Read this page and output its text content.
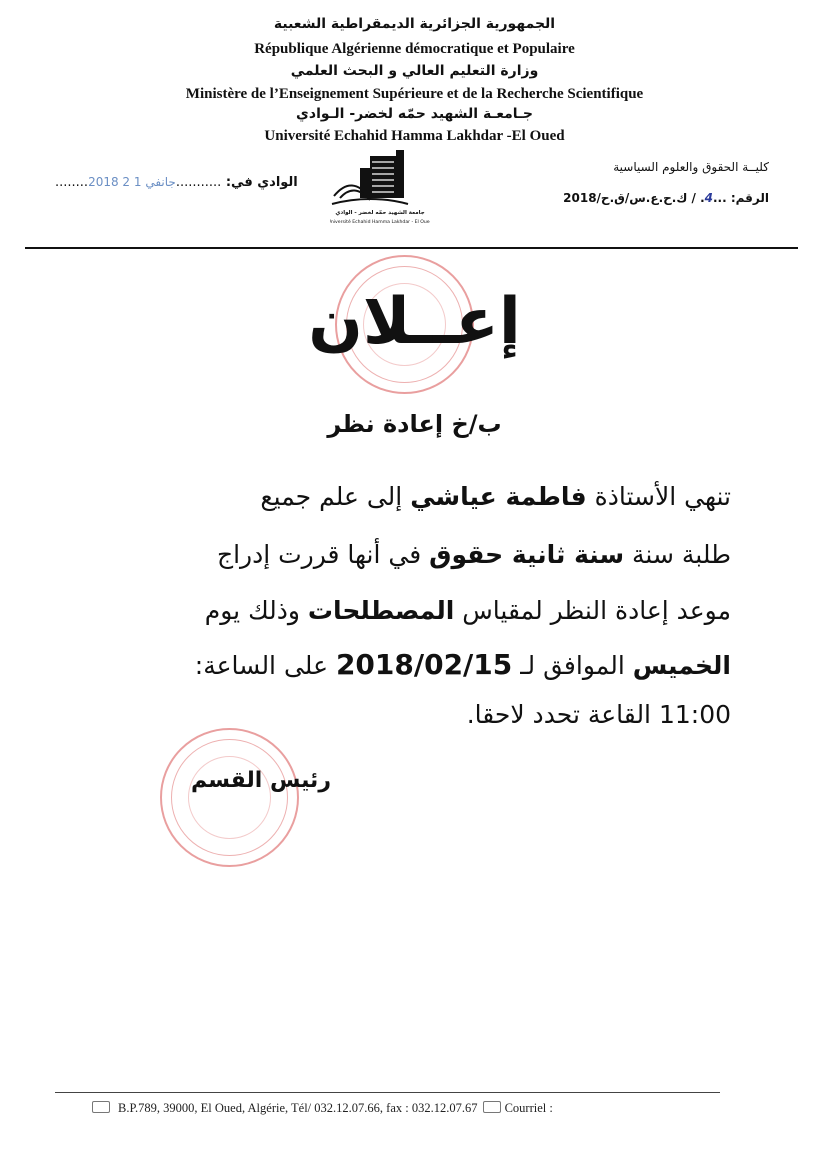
الجمهورية الجزائرية الديمقراطية الشعبية
République Algérienne démocratique et Populaire
وزارة التعليم العالي و البحث العلمي
Ministère de l’Enseignement Supérieure et de la Recherche Scientifique
جـامعـة الشهيد حمّه لخضر- الـوادي
Université Echahid Hamma Lakhdar -El Oued
كليــة الحقوق والعلوم السياسية
الرقم: ...4. / ك.ح.ع.س/ق.ح/2018
........2018 جانفي 1 2........... الوادي في:
جامعة الشهيد حمّه لخضر - الوادي
Université Echahid Hamma Lakhdar - El Oued
إعــلان
ب/خ إعادة نظر
تنهي الأستاذة فاطمة عياشي إلى علم جميع
طلبة سنة سنة ثانية حقوق في أنها قررت إدراج
موعد إعادة النظر لمقياس المصطلحات وذلك يوم
الخميس الموافق لـ 2018/02/15 على الساعة:
11:00 القاعة تحدد لاحقا.
رئيس القسم
B.P.789, 39000, El Oued, Algérie, Tél/ 032.12.07.66, fax : 032.12.07.67 Courriel :
